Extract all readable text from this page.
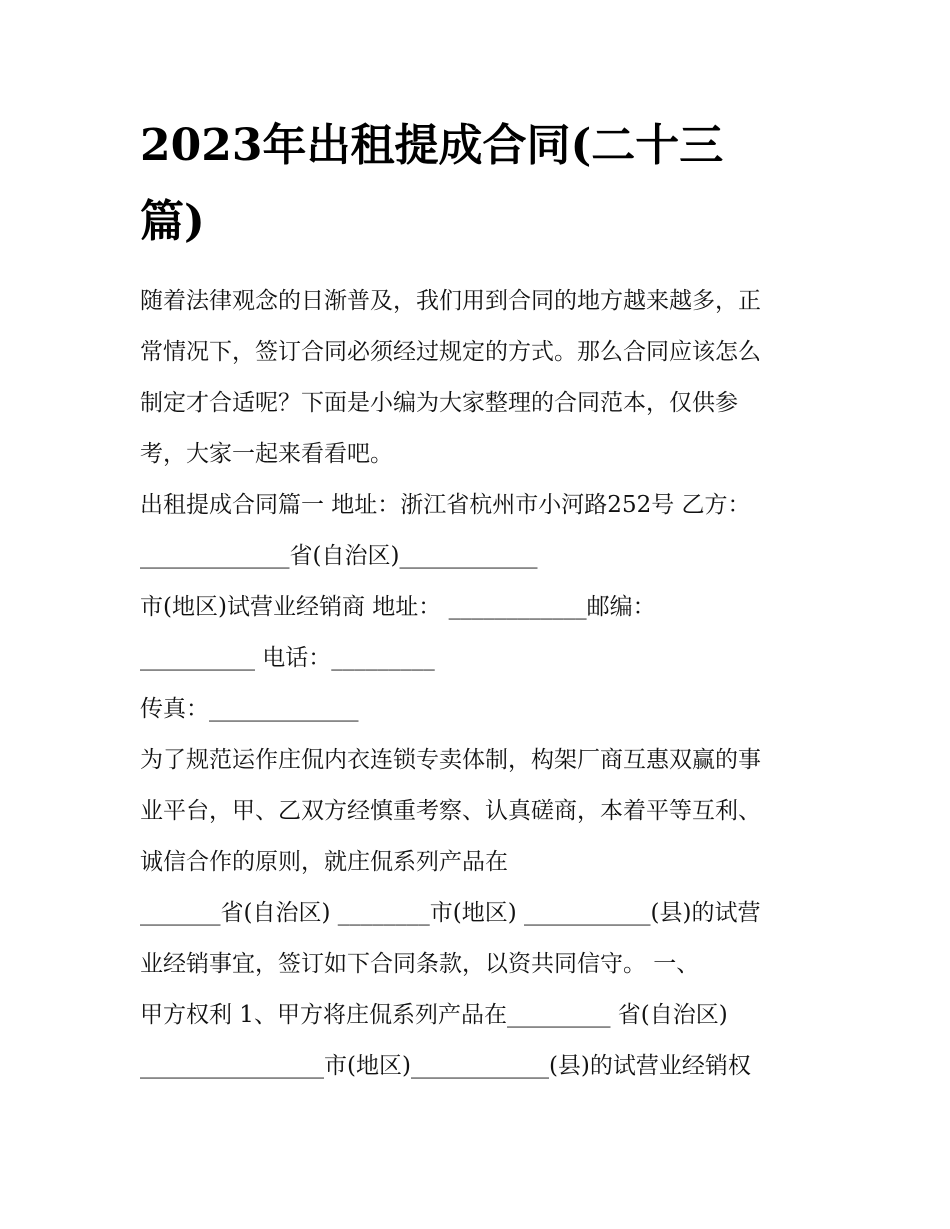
2023年出租提成合同(二十三
篇)
随着法律观念的日渐普及，我们用到合同的地方越来越多，正
常情况下，签订合同必须经过规定的方式。那么合同应该怎么
制定才合适呢？下面是小编为大家整理的合同范本，仅供参
考，大家一起来看看吧。
出租提成合同篇一 地址：浙江省杭州市小河路252号 乙方：
_____________省(自治区)____________
市(地区)试营业经销商 地址： ____________邮编：
__________ 电话：_________
传真：_____________
为了规范运作庄侃内衣连锁专卖体制，构架厂商互惠双赢的事
业平台，甲、乙双方经慎重考察、认真磋商，本着平等互利、
诚信合作的原则，就庄侃系列产品在
_______省(自治区) ________市(地区) ___________(县)的试营
业经销事宜，签订如下合同条款，以资共同信守。 一、
甲方权利 1、甲方将庄侃系列产品在_________ 省(自治区)
________________市(地区)____________(县)的试营业经销权
